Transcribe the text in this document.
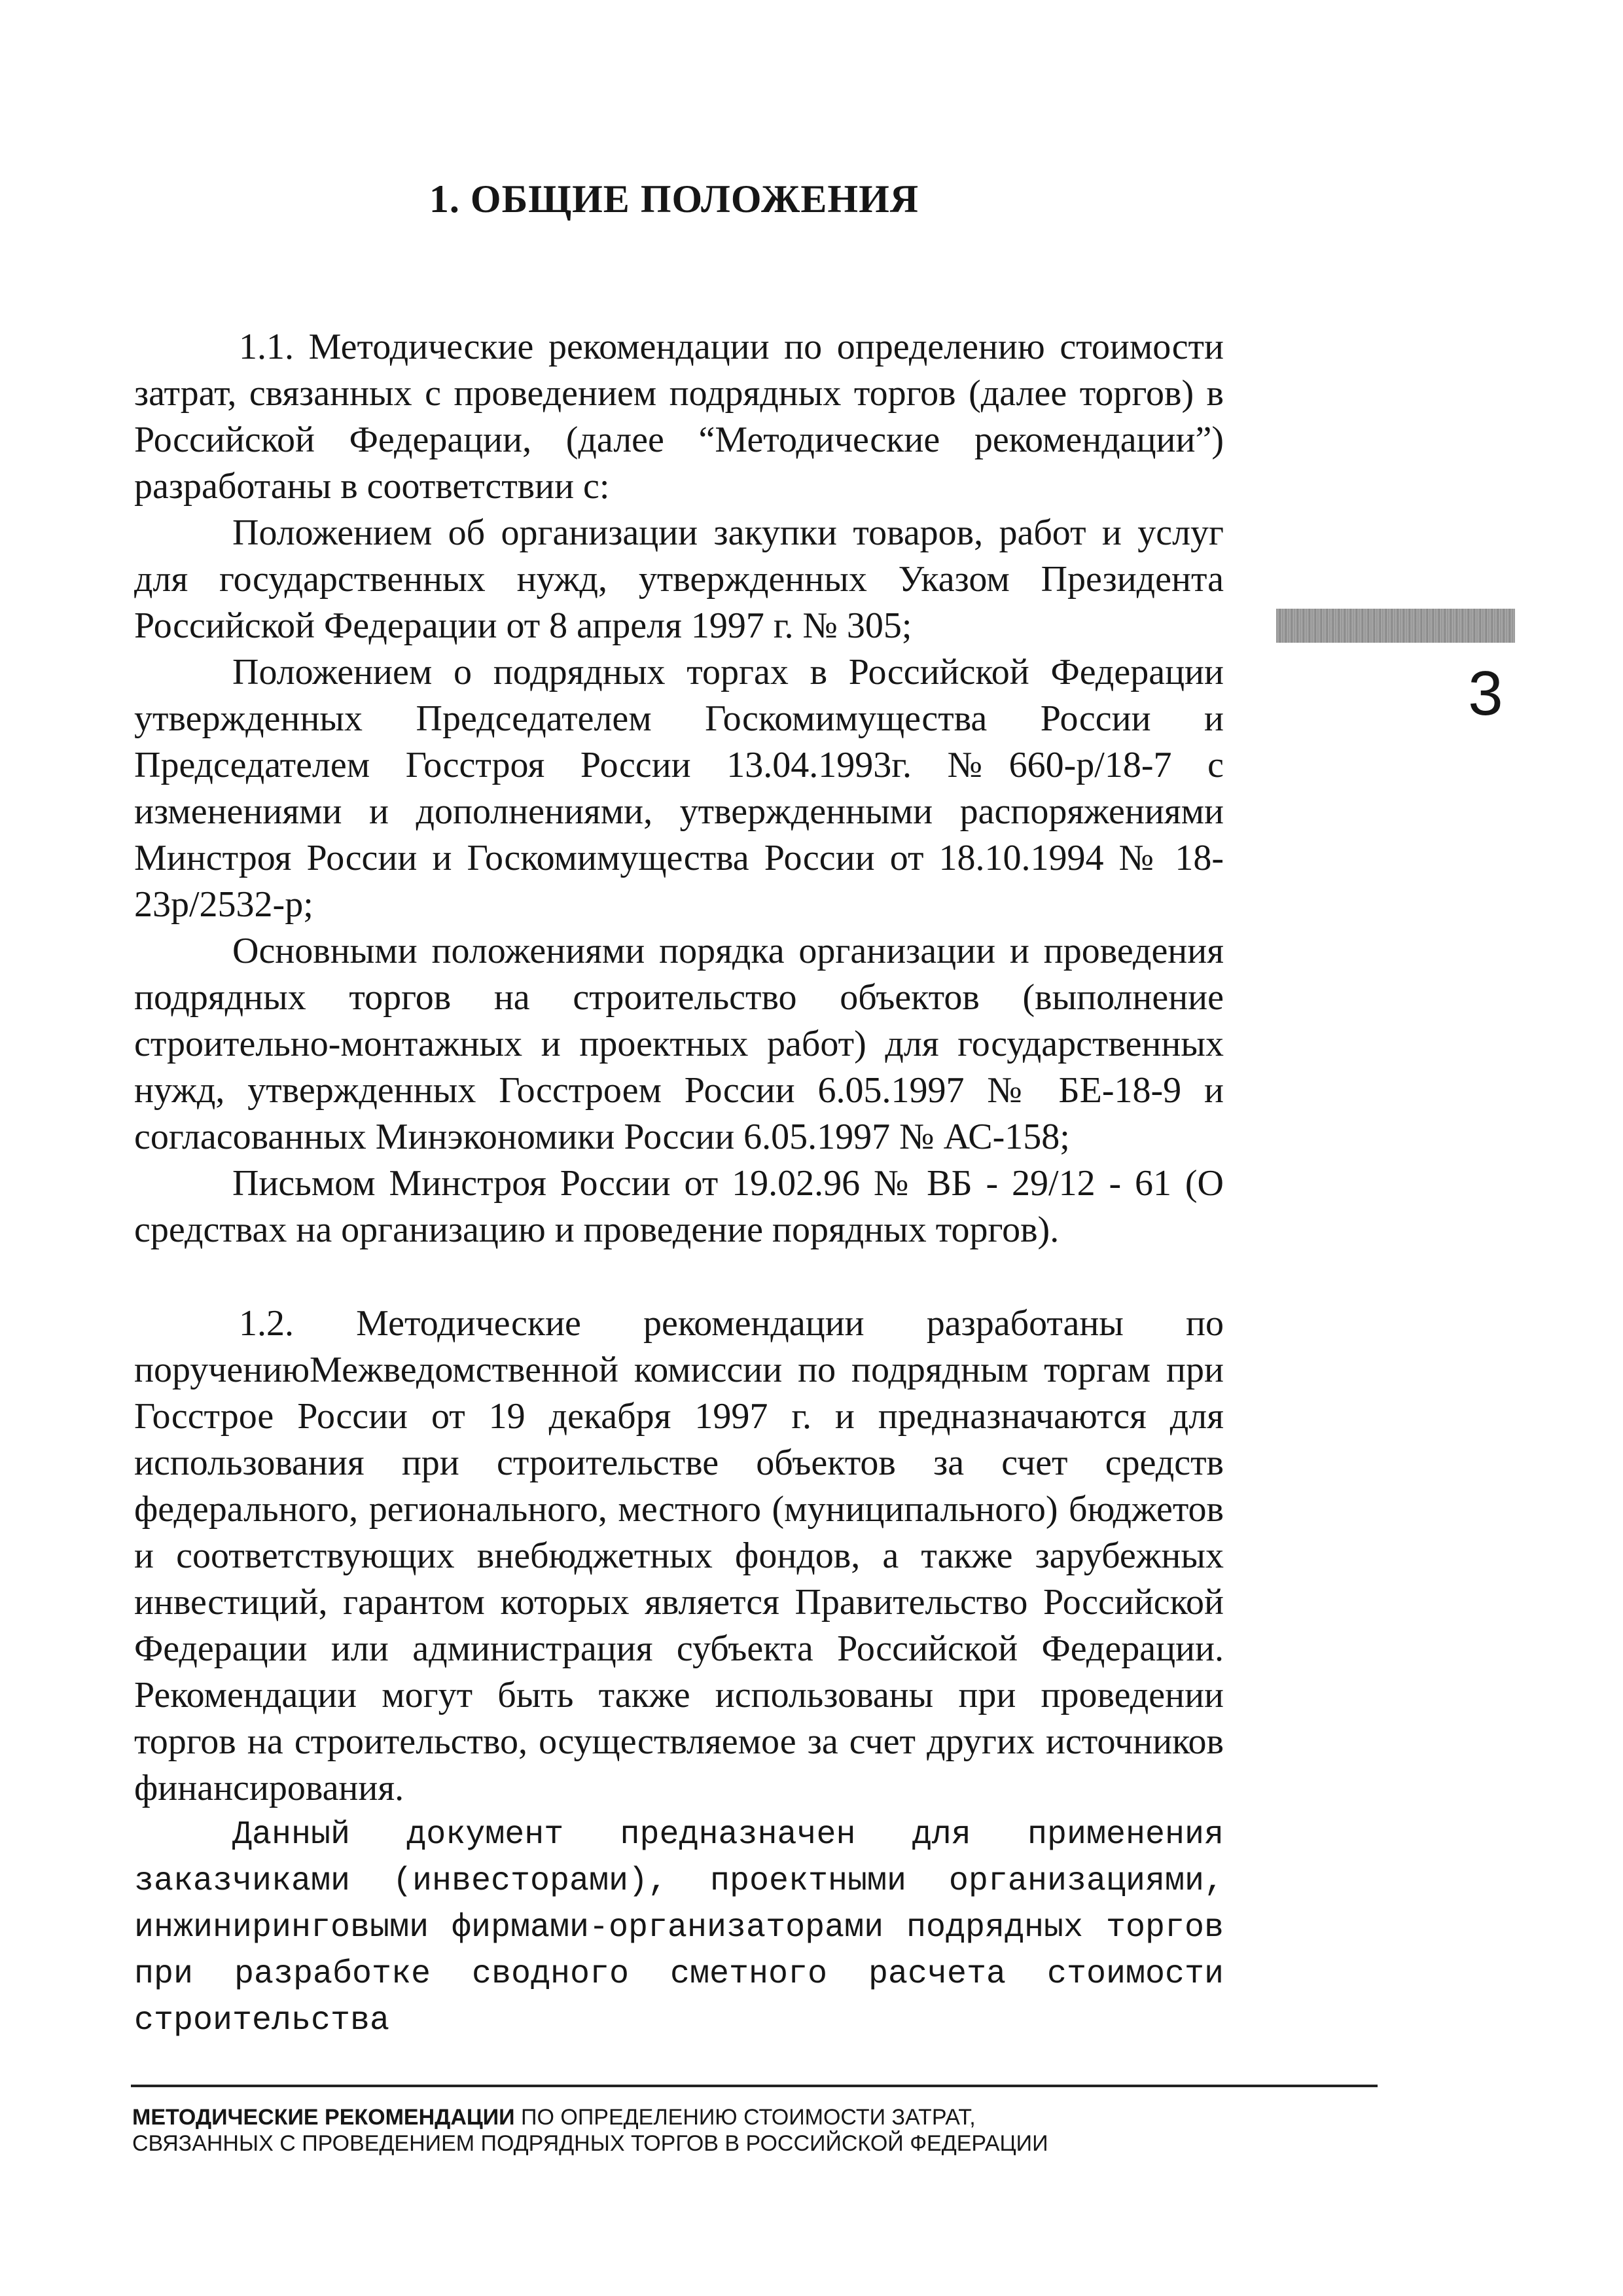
1. ОБЩИЕ ПОЛОЖЕНИЯ

1.1. Методические рекомендации по определению стоимости затрат, связанных с проведением подрядных торгов (далее торгов) в Российской Федерации, (далее “Методические рекомендации”) разработаны в соответствии с:

Положением об организации закупки товаров, работ и услуг для государственных нужд, утвержденных Указом Президента Российской Федерации от 8 апреля 1997 г. № 305;

Положением о подрядных торгах в Российской Федерации утвержденных Председателем Госкомимущества России и Председателем Госстроя России 13.04.1993г. №660-р/18-7 с изменениями и дополнениями, утвержденными распоряжениями Минстроя России и Госкомимущества России от 18.10.1994 № 18-23р/2532-р;

Основными положениями порядка организации и проведения подрядных торгов на строительство объектов (выполнение строительно-монтажных и проектных работ) для государственных нужд, утвержденных Госстроем России 6.05.1997 № БЕ-18-9 и согласованных Минэкономики России 6.05.1997 № АС-158;

Письмом Минстроя России от 19.02.96 № ВБ - 29/12 - 61 (О средствах на организацию и проведение порядных торгов).

1.2. Методические рекомендации разработаны по поручениюМежведомственной комиссии по подрядным торгам при Госстрое России от 19 декабря 1997 г. и предназначаются для использования при строительстве объектов за счет средств федерального, регионального, местного (муниципального) бюджетов и соответствующих внебюджетных фондов, а также зарубежных инвестиций, гарантом которых является Правительство Российской Федерации или администрация субъекта Российской Федерации. Рекомендации могут быть также использованы при проведении торгов на строительство, осуществляемое за счет других источников финансирования.

Данный документ предназначен для применения заказчиками (инвесторами), проектными организациями, инжиниринговыми фирмами-организаторами подрядных торгов при разработке сводного сметного расчета стоимости строительства

3
МЕТОДИЧЕСКИЕ РЕКОМЕНДАЦИИ ПО ОПРЕДЕЛЕНИЮ СТОИМОСТИ ЗАТРАТ,
СВЯЗАННЫХ С ПРОВЕДЕНИЕМ ПОДРЯДНЫХ ТОРГОВ В РОССИЙСКОЙ ФЕДЕРАЦИИ
